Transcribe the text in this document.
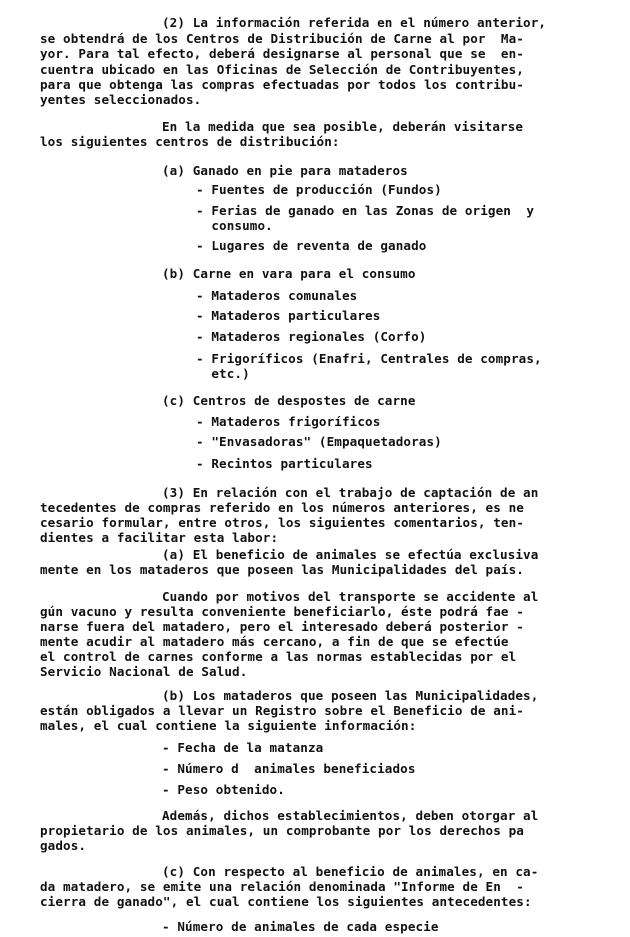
(2) La información referida en el número anterior,
se obtendrá de los Centros de Distribución de Carne al por  Ma-
yor. Para tal efecto, deberá designarse al personal que se  en-
cuentra ubicado en las Oficinas de Selección de Contribuyentes,
para que obtenga las compras efectuadas por todos los contribu-
yentes seleccionados.
En la medida que sea posible, deberán visitarse
los siguientes centros de distribución:
(a) Ganado en pie para mataderos
- Fuentes de producción (Fundos)
- Ferias de ganado en las Zonas de origen  y
consumo.
- Lugares de reventa de ganado
(b) Carne en vara para el consumo
- Mataderos comunales
- Mataderos particulares
- Mataderos regionales (Corfo)
- Frigoríficos (Enafri, Centrales de compras,
etc.)
(c) Centros de despostes de carne
- Mataderos frigoríficos
- "Envasadoras" (Empaquetadoras)
- Recintos particulares
(3) En relación con el trabajo de captación de an
tecedentes de compras referido en los números anteriores, es ne
cesario formular, entre otros, los siguientes comentarios, ten-
dientes a facilitar esta labor:
(a) El beneficio de animales se efectúa exclusiva
mente en los mataderos que poseen las Municipalidades del país.
Cuando por motivos del transporte se accidente al
gún vacuno y resulta conveniente beneficiarlo, éste podrá fae -
narse fuera del matadero, pero el interesado deberá posterior -
mente acudir al matadero más cercano, a fin de que se efectúe
el control de carnes conforme a las normas establecidas por el
Servicio Nacional de Salud.
(b) Los mataderos que poseen las Municipalidades,
están obligados a llevar un Registro sobre el Beneficio de ani-
males, el cual contiene la siguiente información:
- Fecha de la matanza
- Número d  animales beneficiados
- Peso obtenido.
Además, dichos establecimientos, deben otorgar al
propietario de los animales, un comprobante por los derechos pa
gados.
(c) Con respecto al beneficio de animales, en ca-
da matadero, se emite una relación denominada "Informe de En  -
cierra de ganado", el cual contiene los siguientes antecedentes:
- Número de animales de cada especie
